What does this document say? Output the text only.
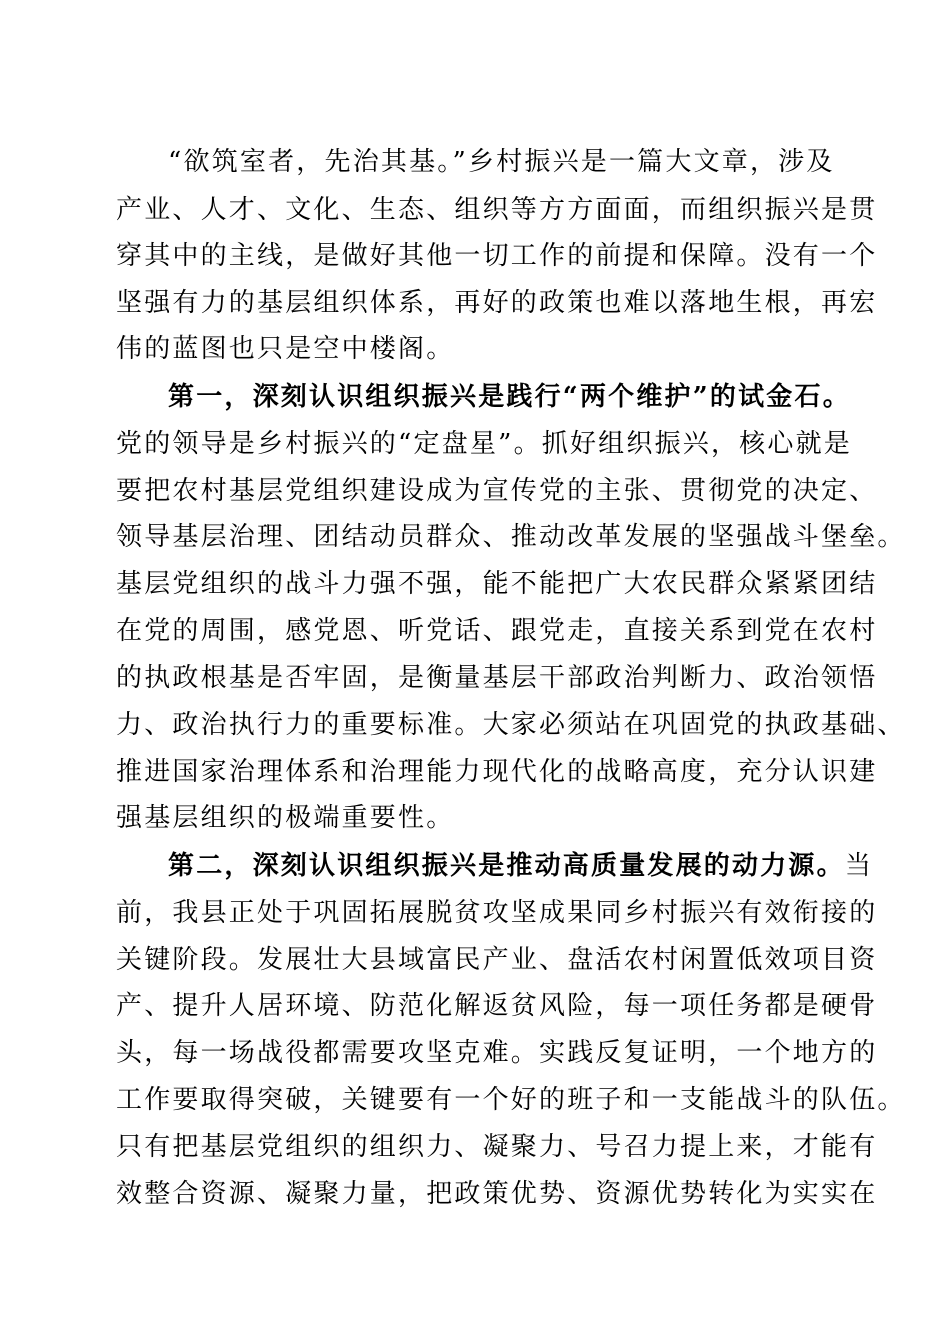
“欲筑室者，先治其基。”乡村振兴是一篇大文章，涉及
产业、人才、文化、生态、组织等方方面面，而组织振兴是贯
穿其中的主线，是做好其他一切工作的前提和保障。没有一个
坚强有力的基层组织体系，再好的政策也难以落地生根，再宏
伟的蓝图也只是空中楼阁。
第一，深刻认识组织振兴是践行“两个维护”的试金石。
党的领导是乡村振兴的“定盘星”。抓好组织振兴，核心就是
要把农村基层党组织建设成为宣传党的主张、贯彻党的决定、
领导基层治理、团结动员群众、推动改革发展的坚强战斗堡垒。
基层党组织的战斗力强不强，能不能把广大农民群众紧紧团结
在党的周围，感党恩、听党话、跟党走，直接关系到党在农村
的执政根基是否牢固，是衡量基层干部政治判断力、政治领悟
力、政治执行力的重要标准。大家必须站在巩固党的执政基础、
推进国家治理体系和治理能力现代化的战略高度，充分认识建
强基层组织的极端重要性。
第二，深刻认识组织振兴是推动高质量发展的动力源。当
前，我县正处于巩固拓展脱贫攻坚成果同乡村振兴有效衔接的
关键阶段。发展壮大县域富民产业、盘活农村闲置低效项目资
产、提升人居环境、防范化解返贫风险，每一项任务都是硬骨
头，每一场战役都需要攻坚克难。实践反复证明，一个地方的
工作要取得突破，关键要有一个好的班子和一支能战斗的队伍。
只有把基层党组织的组织力、凝聚力、号召力提上来，才能有
效整合资源、凝聚力量，把政策优势、资源优势转化为实实在
